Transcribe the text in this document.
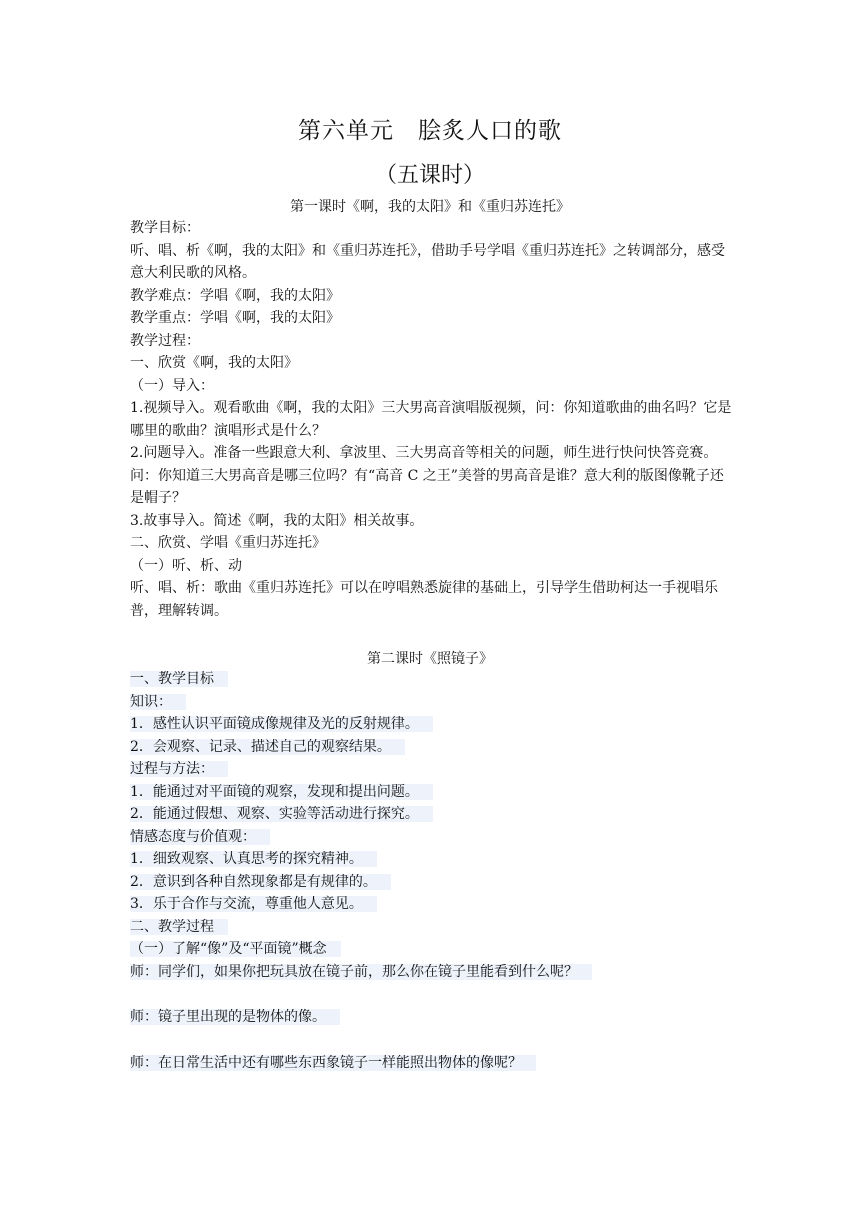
第六单元　脍炙人口的歌
（五课时）
第一课时《啊，我的太阳》和《重归苏连托》

教学目标：

听、唱、析《啊，我的太阳》和《重归苏连托》，借助手号学唱《重归苏连托》之转调部分，感受意大利民歌的风格。

教学难点：学唱《啊，我的太阳》

教学重点：学唱《啊，我的太阳》

教学过程：

一、欣赏《啊，我的太阳》

（一）导入：

1.视频导入。观看歌曲《啊，我的太阳》三大男高音演唱版视频，问：你知道歌曲的曲名吗？它是哪里的歌曲？演唱形式是什么？

2.问题导入。准备一些跟意大利、拿波里、三大男高音等相关的问题，师生进行快问快答竞赛。问：你知道三大男高音是哪三位吗？有“高音 C 之王”美誉的男高音是谁？意大利的版图像靴子还是帽子？

3.故事导入。简述《啊，我的太阳》相关故事。

二、欣赏、学唱《重归苏连托》

（一）听、析、动

听、唱、析：歌曲《重归苏连托》可以在哼唱熟悉旋律的基础上，引导学生借助柯达一手视唱乐普，理解转调。

第二课时《照镜子》

一、教学目标

知识：

1．感性认识平面镜成像规律及光的反射规律。

2．会观察、记录、描述自己的观察结果。

过程与方法：

1．能通过对平面镜的观察，发现和提出问题。

2．能通过假想、观察、实验等活动进行探究。

情感态度与价值观：

1．细致观察、认真思考的探究精神。

2．意识到各种自然现象都是有规律的。

3．乐于合作与交流，尊重他人意见。

二、教学过程

（一）了解“像”及“平面镜”概念

师：同学们，如果你把玩具放在镜子前，那么你在镜子里能看到什么呢？

师：镜子里出现的是物体的像。

师：在日常生活中还有哪些东西象镜子一样能照出物体的像呢？
